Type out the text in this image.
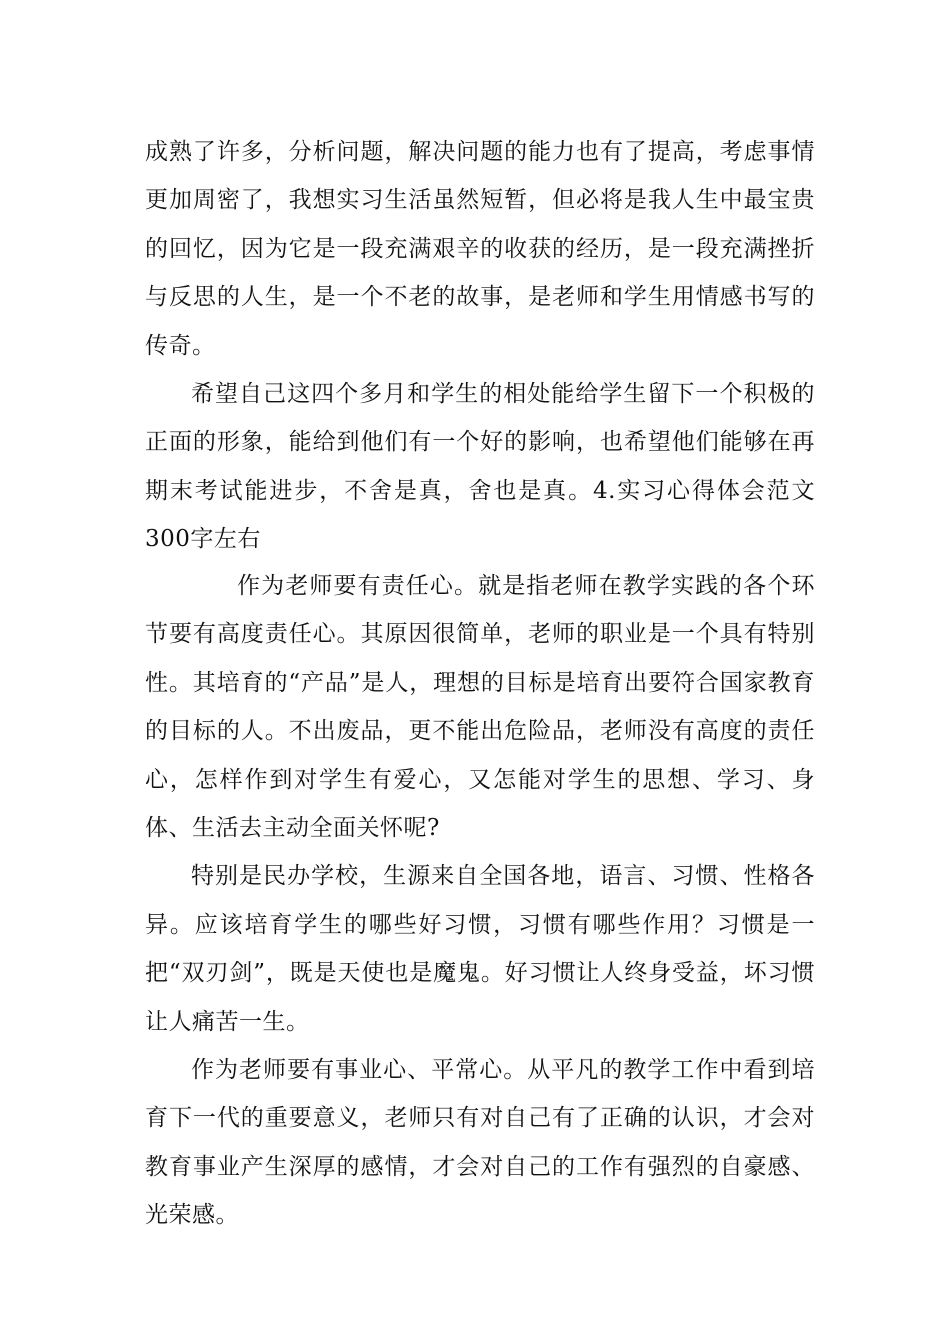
成熟了许多，分析问题，解决问题的能力也有了提高，考虑事情更加周密了，我想实习生活虽然短暂，但必将是我人生中最宝贵的回忆，因为它是一段充满艰辛的收获的经历，是一段充满挫折与反思的人生，是一个不老的故事，是老师和学生用情感书写的传奇。

希望自己这四个多月和学生的相处能给学生留下一个积极的正面的形象，能给到他们有一个好的影响，也希望他们能够在再期末考试能进步，不舍是真，舍也是真。4.实习心得体会范文300字左右

作为老师要有责任心。就是指老师在教学实践的各个环节要有高度责任心。其原因很简单，老师的职业是一个具有特别性。其培育的“产品”是人，理想的目标是培育出要符合国家教育的目标的人。不出废品，更不能出危险品，老师没有高度的责任心，怎样作到对学生有爱心，又怎能对学生的思想、学习、身体、生活去主动全面关怀呢?

特别是民办学校，生源来自全国各地，语言、习惯、性格各异。应该培育学生的哪些好习惯，习惯有哪些作用？习惯是一把“双刃剑”，既是天使也是魔鬼。好习惯让人终身受益，坏习惯让人痛苦一生。

作为老师要有事业心、平常心。从平凡的教学工作中看到培育下一代的重要意义，老师只有对自己有了正确的认识，才会对教育事业产生深厚的感情，才会对自己的工作有强烈的自豪感、光荣感。
